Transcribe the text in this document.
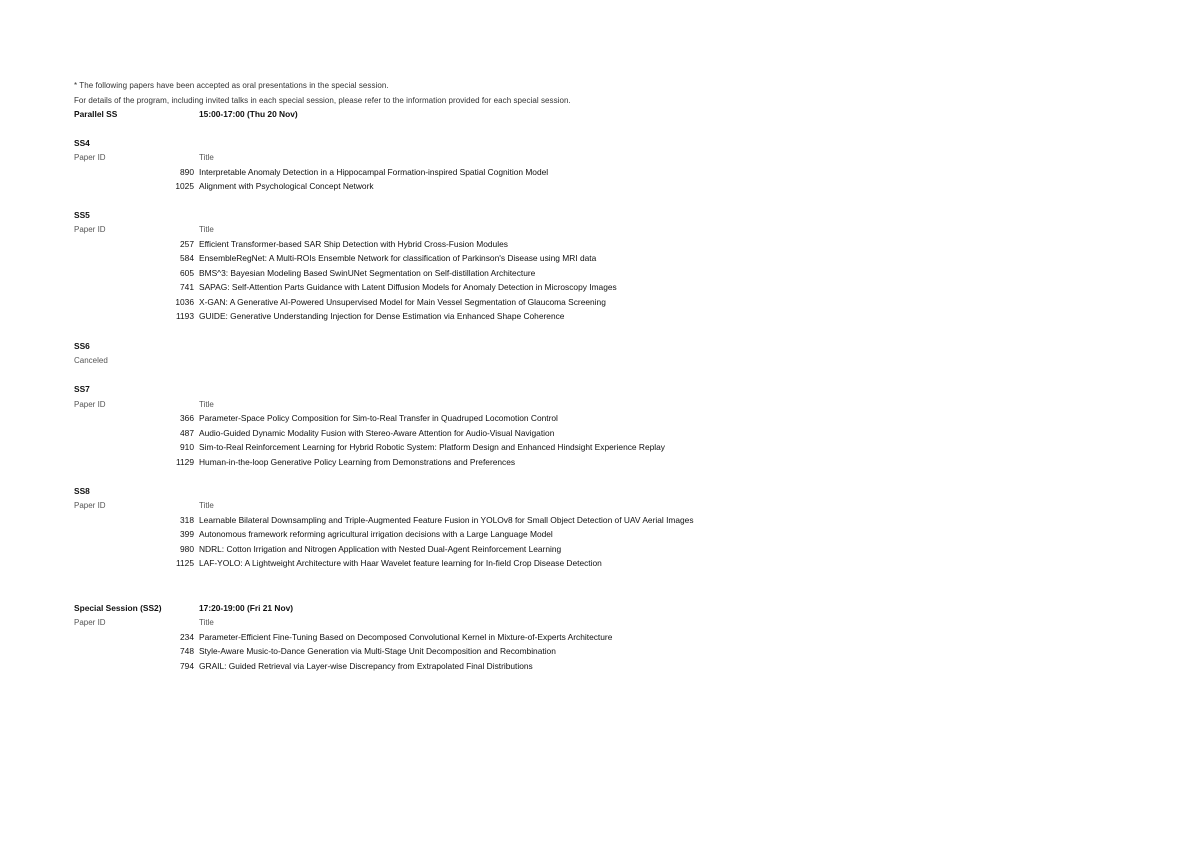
* The following papers have been accepted as oral presentations in the special session.
For details of the program, including invited talks in each special session, please refer to the information provided for each special session.
Parallel SS	15:00-17:00 (Thu 20 Nov)
SS4
Paper ID	Title
890 Interpretable Anomaly Detection in a Hippocampal Formation-inspired Spatial Cognition Model
1025 Alignment with Psychological Concept Network
SS5
Paper ID	Title
257 Efficient Transformer-based SAR Ship Detection with Hybrid Cross-Fusion Modules
584 EnsembleRegNet: A Multi-ROIs Ensemble Network for classification of Parkinson's Disease using MRI data
605 BMS^3: Bayesian Modeling Based SwinUNet Segmentation on Self-distillation Architecture
741 SAPAG: Self-Attention Parts Guidance with Latent Diffusion Models for Anomaly Detection in Microscopy Images
1036 X-GAN: A Generative AI-Powered Unsupervised Model for Main Vessel Segmentation of Glaucoma Screening
1193 GUIDE: Generative Understanding Injection for Dense Estimation via Enhanced Shape Coherence
SS6
Canceled
SS7
Paper ID	Title
366 Parameter-Space Policy Composition for Sim-to-Real Transfer in Quadruped Locomotion Control
487 Audio-Guided Dynamic Modality Fusion with Stereo-Aware Attention for Audio-Visual Navigation
910 Sim-to-Real Reinforcement Learning for Hybrid Robotic System: Platform Design and Enhanced Hindsight Experience Replay
1129 Human-in-the-loop Generative Policy Learning from Demonstrations and Preferences
SS8
Paper ID	Title
318 Learnable Bilateral Downsampling and Triple-Augmented Feature Fusion in YOLOv8 for Small Object Detection of UAV Aerial Images
399 Autonomous framework reforming agricultural irrigation decisions with a Large Language Model
980 NDRL: Cotton Irrigation and Nitrogen Application with Nested Dual-Agent Reinforcement Learning
1125 LAF-YOLO: A Lightweight Architecture with Haar Wavelet feature learning for In-field Crop Disease Detection
Special Session (SS2)	17:20-19:00 (Fri 21 Nov)
Paper ID	Title
234 Parameter-Efficient Fine-Tuning Based on Decomposed Convolutional Kernel in Mixture-of-Experts Architecture
748 Style-Aware Music-to-Dance Generation via Multi-Stage Unit Decomposition and Recombination
794 GRAIL: Guided Retrieval via Layer-wise Discrepancy from Extrapolated Final Distributions
